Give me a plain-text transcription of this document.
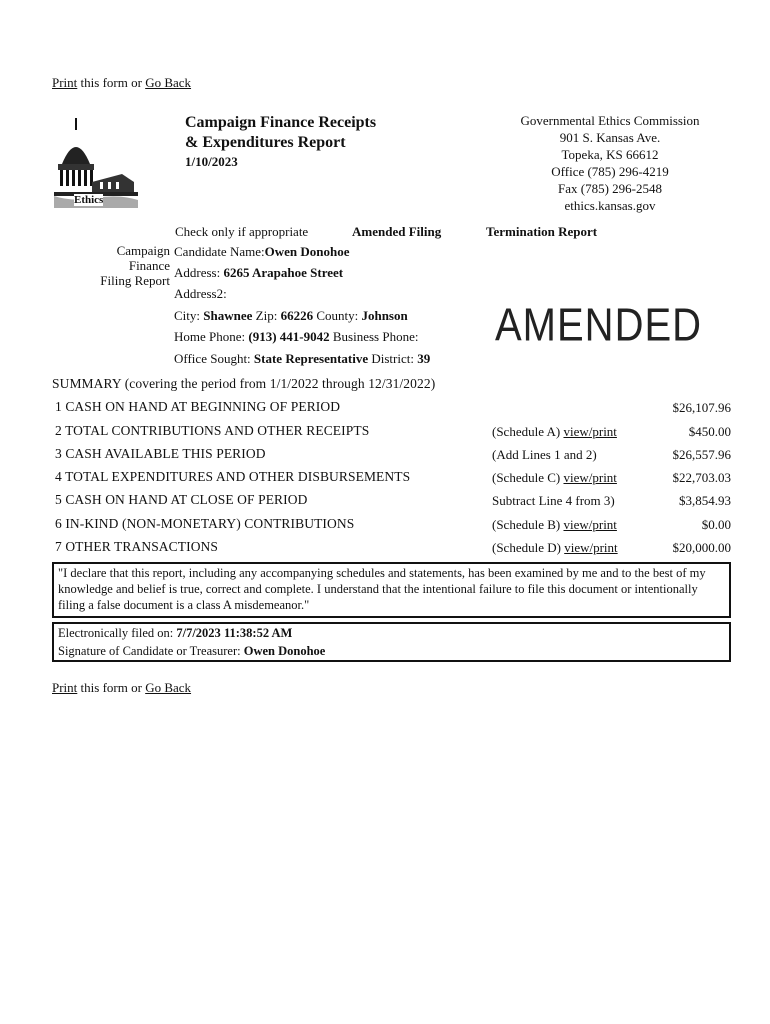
Print this form or Go Back
Ethics
Campaign Finance Receipts
& Expenditures Report
1/10/2023
Governmental Ethics Commission
901 S. Kansas Ave.
Topeka, KS 66612
Office (785) 296-4219
Fax (785) 296-2548
ethics.kansas.gov
Campaign
Finance
Filing Report
Check only if appropriate	Amended Filing	Termination Report
Candidate Name:Owen Donohoe
Address: 6265 Arapahoe Street
Address2:
City: Shawnee Zip: 66226 County: Johnson
Home Phone: (913) 441-9042 Business Phone:
Office Sought: State Representative District: 39
AMENDED
SUMMARY (covering the period from 1/1/2022 through 12/31/2022)
1 CASH ON HAND AT BEGINNING OF PERIOD	$26,107.96
2 TOTAL CONTRIBUTIONS AND OTHER RECEIPTS	(Schedule A) view/print	$450.00
3 CASH AVAILABLE THIS PERIOD	(Add Lines 1 and 2)	$26,557.96
4 TOTAL EXPENDITURES AND OTHER DISBURSEMENTS	(Schedule C) view/print	$22,703.03
5 CASH ON HAND AT CLOSE OF PERIOD	Subtract Line 4 from 3)	$3,854.93
6 IN-KIND (NON-MONETARY) CONTRIBUTIONS	(Schedule B) view/print	$0.00
7 OTHER TRANSACTIONS	(Schedule D) view/print	$20,000.00
"I declare that this report, including any accompanying schedules and statements, has been examined by me and to the best of my knowledge and belief is true, correct and complete. I understand that the intentional failure to file this document or intentionally filing a false document is a class A misdemeanor."
Electronically filed on: 7/7/2023 11:38:52 AM
Signature of Candidate or Treasurer: Owen Donohoe
Print this form or Go Back
